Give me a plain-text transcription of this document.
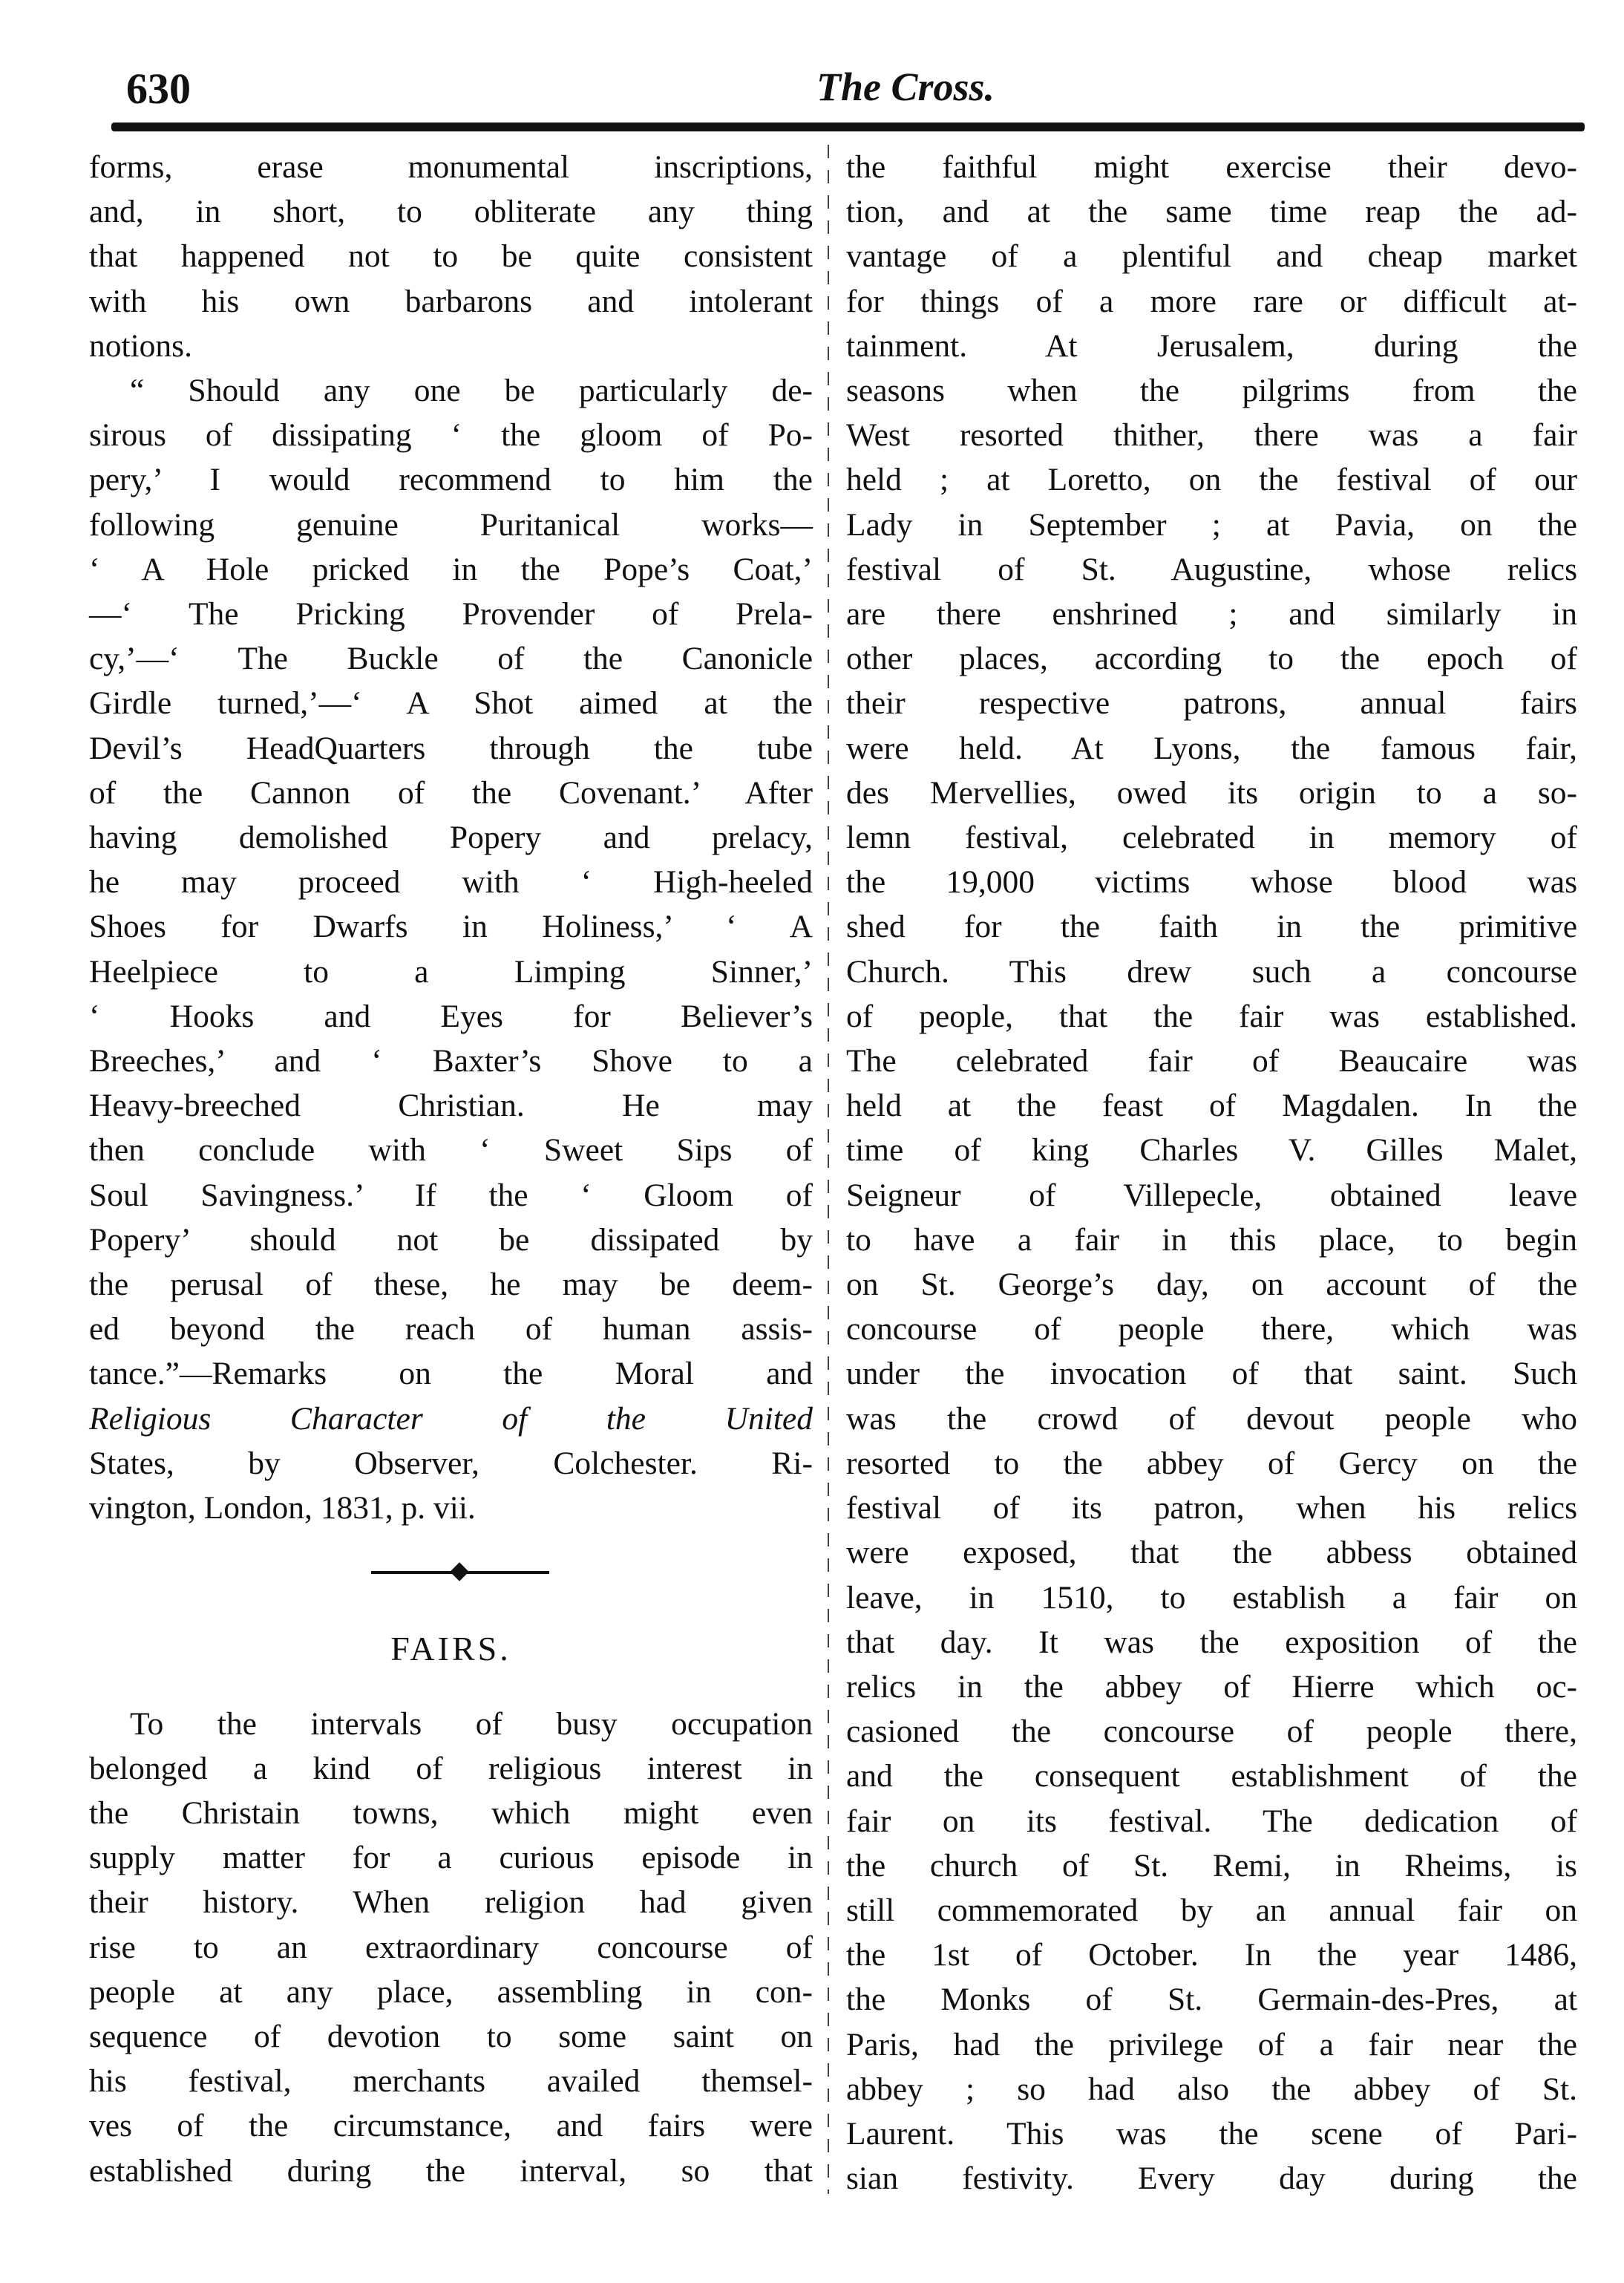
630	The Cross.
forms, erase monumental inscriptions,
and, in short, to obliterate any thing
that happened not to be quite consistent
with his own barbarons and intolerant
notions.
“ Should any one be particularly de-
sirous of dissipating ‘ the gloom of Po-
pery,’ I would recommend to him the
following genuine Puritanical works—
‘ A Hole pricked in the Pope’s Coat,’
—‘ The Pricking Provender of Prela-
cy,’—‘ The Buckle of the Canonicle
Girdle turned,’—‘ A Shot aimed at the
Devil’s HeadQuarters through the tube
of the Cannon of the Covenant.’ After
having demolished Popery and prelacy,
he may proceed with ‘ High-heeled
Shoes for Dwarfs in Holiness,’ ‘ A
Heelpiece to a Limping Sinner,’
‘ Hooks and Eyes for Believer’s
Breeches,’ and ‘ Baxter’s Shove to a
Heavy-breeched Christian. He may
then conclude with ‘ Sweet Sips of
Soul Savingness.’ If the ‘ Gloom of
Popery’ should not be dissipated by
the perusal of these, he may be deem-
ed beyond the reach of human assis-
tance.”—Remarks on the Moral and
Religious Character of the United
States, by Observer, Colchester. Ri-
vington, London, 1831, p. vii.
FAIRS.
To the intervals of busy occupation
belonged a kind of religious interest in
the Christain towns, which might even
supply matter for a curious episode in
their history. When religion had given
rise to an extraordinary concourse of
people at any place, assembling in con-
sequence of devotion to some saint on
his festival, merchants availed themsel-
ves of the circumstance, and fairs were
established during the interval, so that
the faithful might exercise their devo-
tion, and at the same time reap the ad-
vantage of a plentiful and cheap market
for things of a more rare or difficult at-
tainment. At Jerusalem, during the
seasons when the pilgrims from the
West resorted thither, there was a fair
held ; at Loretto, on the festival of our
Lady in September ; at Pavia, on the
festival of St. Augustine, whose relics
are there enshrined ; and similarly in
other places, according to the epoch of
their respective patrons, annual fairs
were held. At Lyons, the famous fair,
des Mervellies, owed its origin to a so-
lemn festival, celebrated in memory of
the 19,000 victims whose blood was
shed for the faith in the primitive
Church. This drew such a concourse
of people, that the fair was established.
The celebrated fair of Beaucaire was
held at the feast of Magdalen. In the
time of king Charles V. Gilles Malet,
Seigneur of Villepecle, obtained leave
to have a fair in this place, to begin
on St. George’s day, on account of the
concourse of people there, which was
under the invocation of that saint. Such
was the crowd of devout people who
resorted to the abbey of Gercy on the
festival of its patron, when his relics
were exposed, that the abbess obtained
leave, in 1510, to establish a fair on
that day. It was the exposition of the
relics in the abbey of Hierre which oc-
casioned the concourse of people there,
and the consequent establishment of the
fair on its festival. The dedication of
the church of St. Remi, in Rheims, is
still commemorated by an annual fair on
the 1st of October. In the year 1486,
the Monks of St. Germain-des-Pres, at
Paris, had the privilege of a fair near the
abbey ; so had also the abbey of St.
Laurent. This was the scene of Pari-
sian festivity. Every day during the
